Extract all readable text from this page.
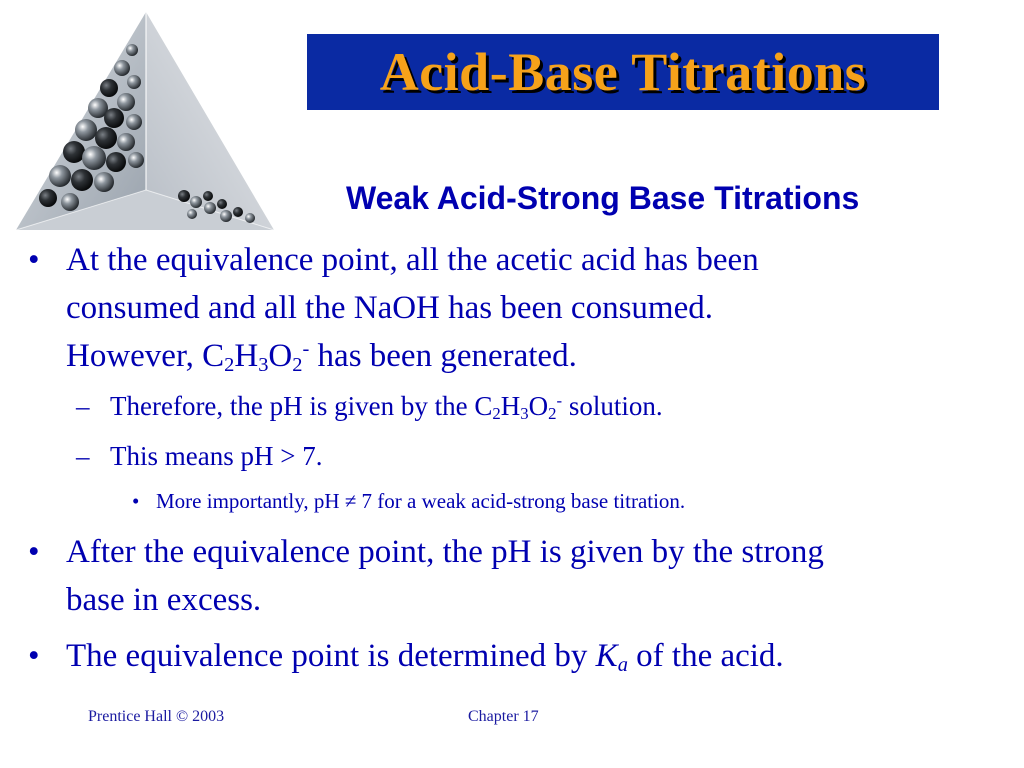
Acid-Base Titrations
Weak Acid-Strong Base Titrations
• At the equivalence point, all the acetic acid has been
consumed and all the NaOH has been consumed.
However, $C_2H_3O_2^-$ has been generated.
– Therefore, the pH is given by the $C_2H_3O_2^-$ solution.
– This means pH > 7.
• More importantly, pH ≠ 7 for a weak acid-strong base titration.
• After the equivalence point, the pH is given by the strong
base in excess.
• The equivalence point is determined by $K_a$ of the acid.
Prentice Hall © 2003	Chapter 17
